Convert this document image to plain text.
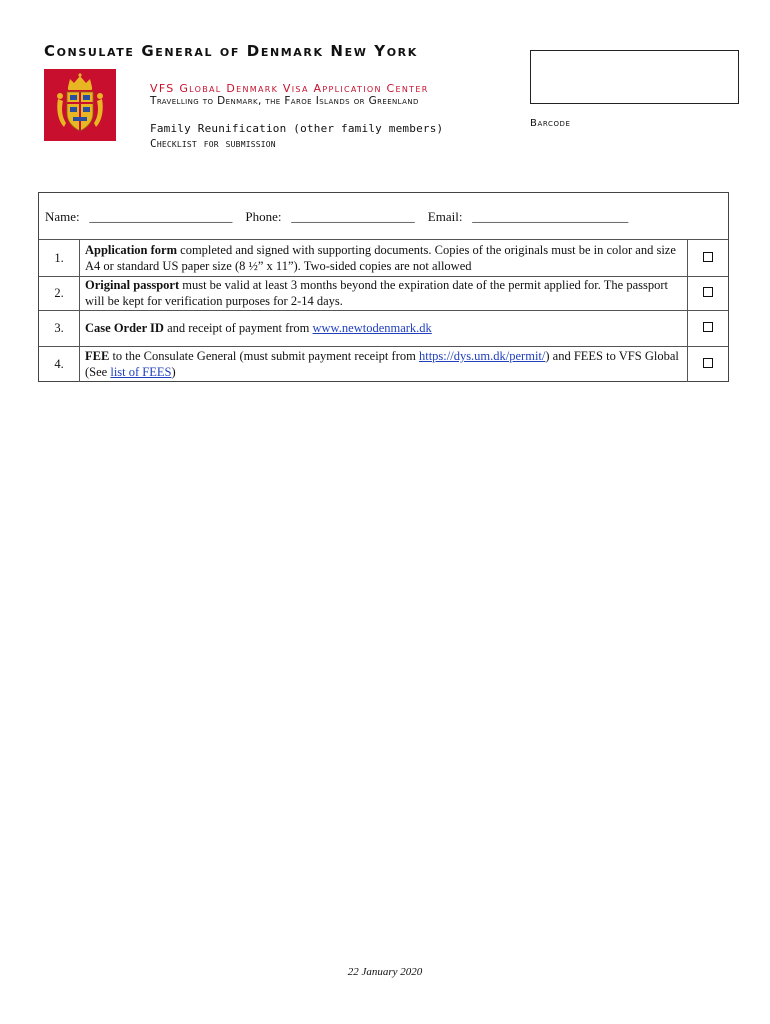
Consulate General of Denmark New York
VFS Global Denmark Visa Application Center
Travelling to Denmark, the Faroe Islands or Greenland
Family Reunification (other family members)
Checklist for submission
Barcode
Name: ______________________ Phone: ___________________ Email: ________________________
1.	Application form completed and signed with supporting documents. Copies of the originals must be in color and size A4 or standard US paper size (8 ½” x 11”). Two-sided copies are not allowed	
2.	Original passport must be valid at least 3 months beyond the expiration date of the permit applied for. The passport will be kept for verification purposes for 2-14 days.	
3.	Case Order ID and receipt of payment from www.newtodenmark.dk	
4.	FEE to the Consulate General (must submit payment receipt from https://dys.um.dk/permit/) and FEES to VFS Global (See list of FEES)	
22 January 2020
